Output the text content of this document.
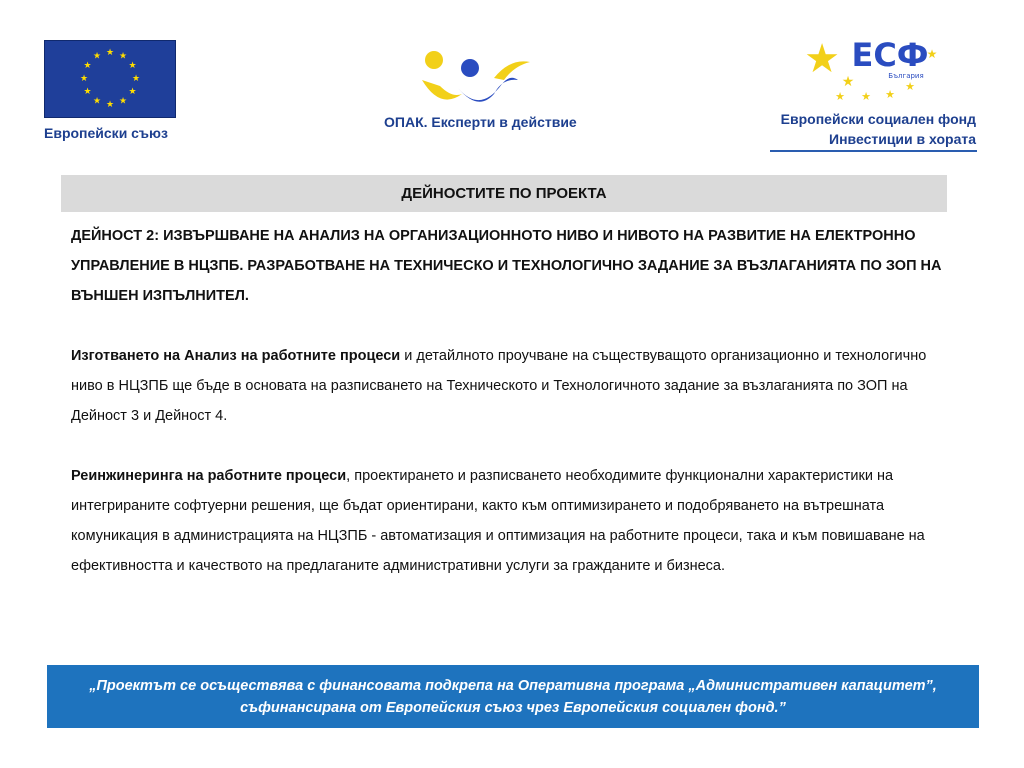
★ ★
★
★
★
★
★
★
★
★
★
★
Европейски съюз
ОПАК. Експерти в действие
★ ★
★ ★ ★
★
★
ЕСФ
България
Европейски социален фонд
Инвестиции в хората
ДЕЙНОСТИТЕ ПО ПРОЕКТА

ДЕЙНОСТ 2: ИЗВЪРШВАНЕ НА АНАЛИЗ НА ОРГАНИЗАЦИОННОТО НИВО И НИВОТО НА РАЗВИТИЕ НА ЕЛЕКТРОННО УПРАВЛЕНИЕ В НЦЗПБ. РАЗРАБОТВАНЕ НА ТЕХНИЧЕСКО И ТЕХНОЛОГИЧНО ЗАДАНИЕ ЗА ВЪЗЛАГАНИЯТА ПО ЗОП НА ВЪНШЕН ИЗПЪЛНИТЕЛ.

Изготването на Анализ на работните процеси и детайлното проучване на съществуващото организационно и технологично ниво в НЦЗПБ ще бъде в основата на разписването на Техническото и Технологичното задание за възлаганията по ЗОП на Дейност 3 и Дейност 4.

Реинжинеринга на работните процеси, проектирането и разписването необходимите функционални характеристики на интегрираните софтуерни решения, ще бъдат ориентирани, както към оптимизирането и подобряването на вътрешната комуникация в администрацията на НЦЗПБ - автоматизация и оптимизация на работните процеси, така и към повишаване на ефективността и качеството на предлаганите административни услуги за гражданите и бизнеса.

„Проектът се осъществява с финансовата подкрепа на Оперативна програма „Административен капацитет”, съфинансирана от Европейския съюз чрез Европейския социален фонд.”
